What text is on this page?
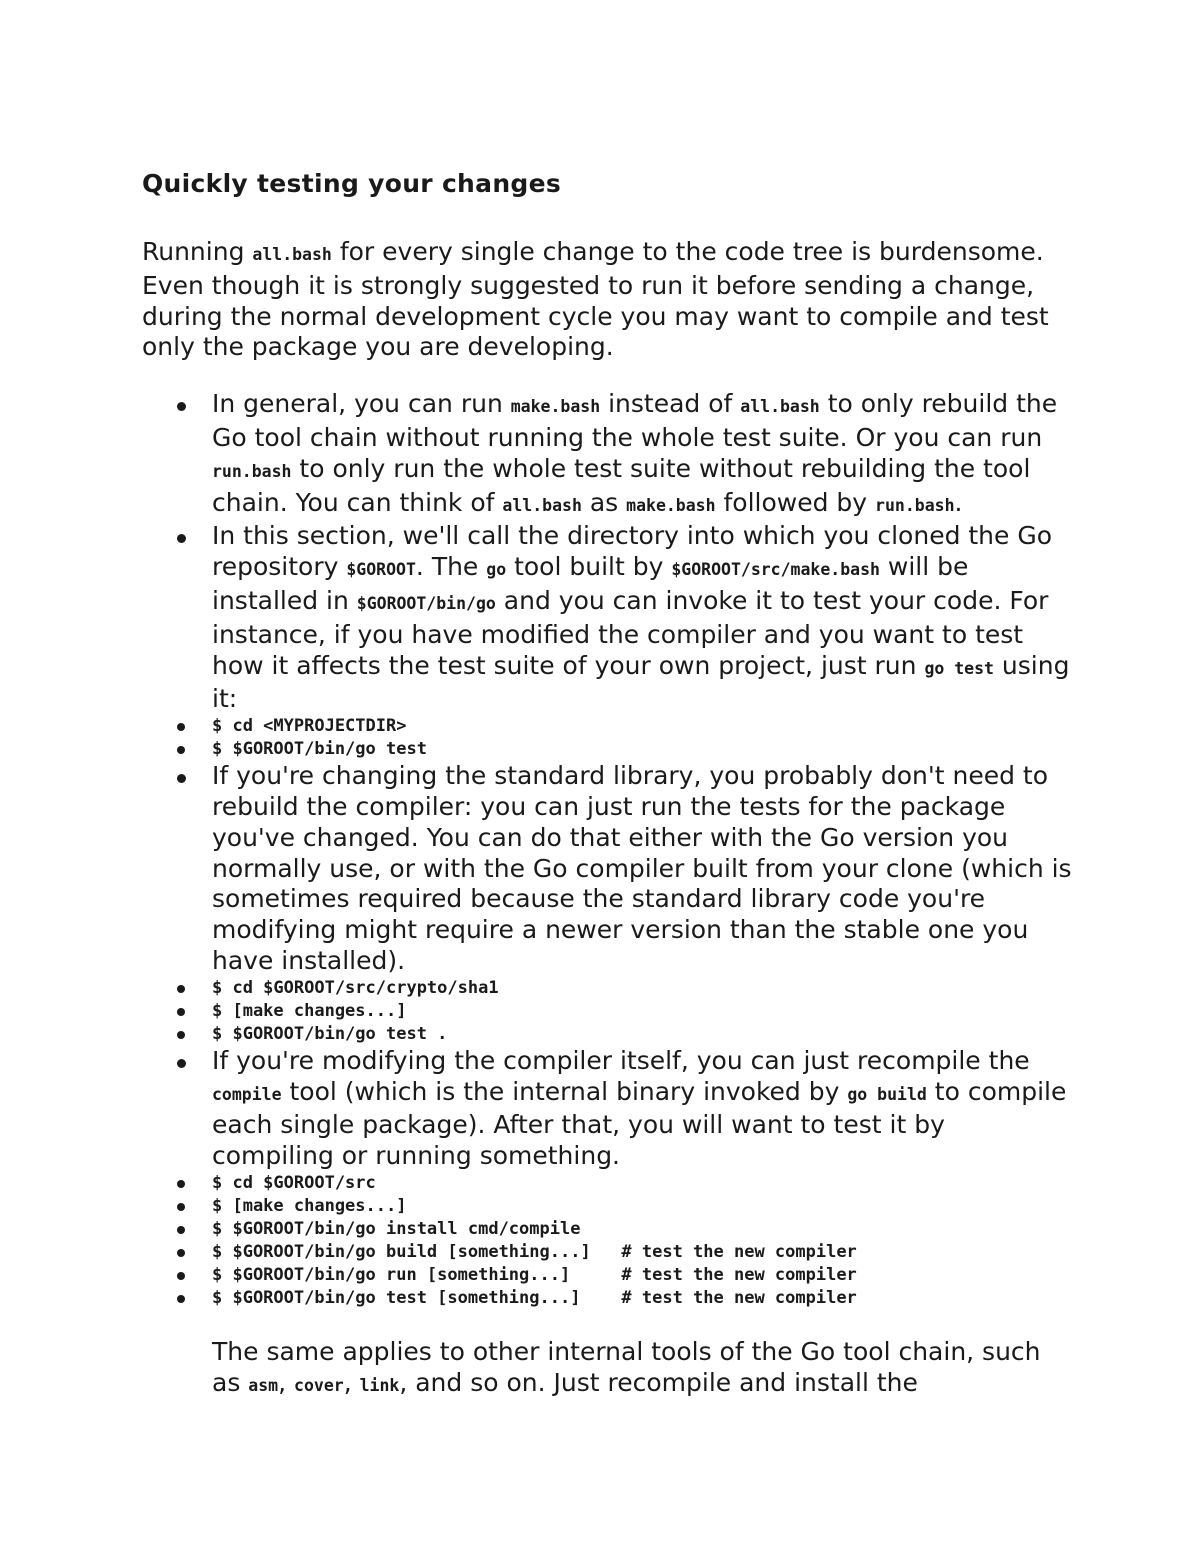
Quickly testing your changes

Running all.bash for every single change to the code tree is burdensome. Even though it is strongly suggested to run it before sending a change, during the normal development cycle you may want to compile and test only the package you are developing.

In general, you can run make.bash instead of all.bash to only rebuild the Go tool chain without running the whole test suite. Or you can run run.bash to only run the whole test suite without rebuilding the tool chain. You can think of all.bash as make.bash followed by run.bash.
In this section, we'll call the directory into which you cloned the Go repository $GOROOT. The go tool built by $GOROOT/src/make.bash will be installed in $GOROOT/bin/go and you can invoke it to test your code. For instance, if you have modified the compiler and you want to test how it affects the test suite of your own project, just run go test using it:
$ cd <MYPROJECTDIR>
$ $GOROOT/bin/go test
If you're changing the standard library, you probably don't need to rebuild the compiler: you can just run the tests for the package you've changed. You can do that either with the Go version you normally use, or with the Go compiler built from your clone (which is sometimes required because the standard library code you're modifying might require a newer version than the stable one you have installed).
$ cd $GOROOT/src/crypto/sha1
$ [make changes...]
$ $GOROOT/bin/go test .
If you're modifying the compiler itself, you can just recompile the compile tool (which is the internal binary invoked by go build to compile each single package). After that, you will want to test it by compiling or running something.
$ cd $GOROOT/src
$ [make changes...]
$ $GOROOT/bin/go install cmd/compile
$ $GOROOT/bin/go build [something...]   # test the new compiler
$ $GOROOT/bin/go run [something...]     # test the new compiler
$ $GOROOT/bin/go test [something...]    # test the new compiler

The same applies to other internal tools of the Go tool chain, such as asm, cover, link, and so on. Just recompile and install the
